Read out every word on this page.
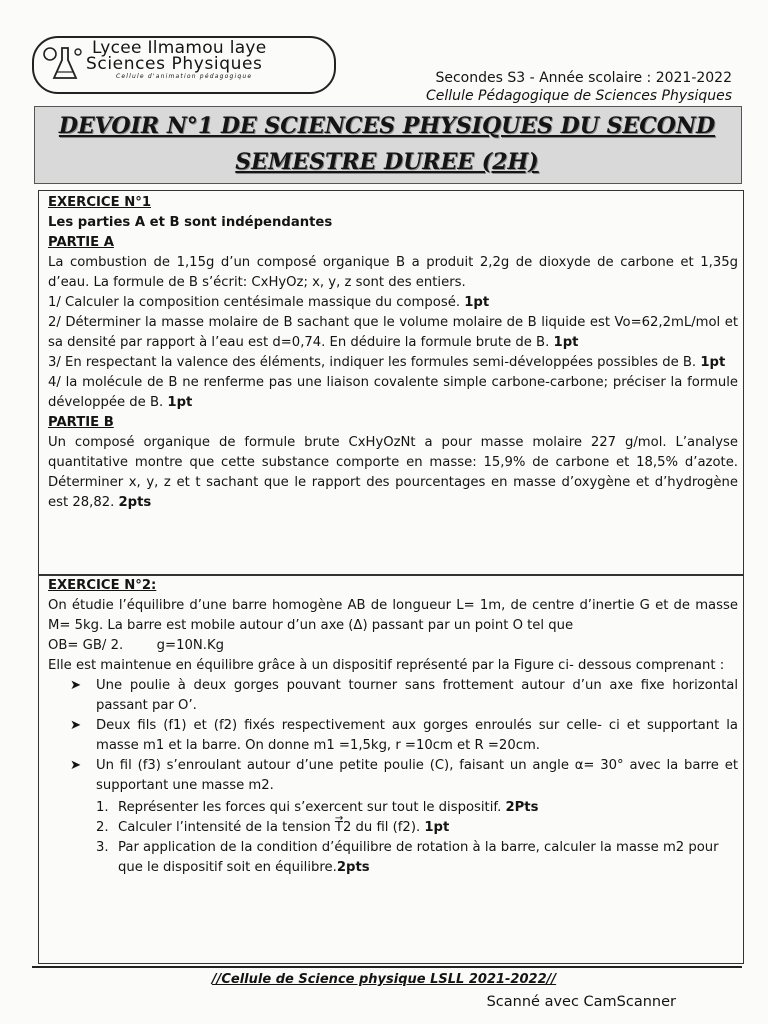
Lycee Ilmamou laye
Sciences Physiques
Cellule d'animation pédagogique	Secondes S3 - Année scolaire : 2021-2022
Cellule Pédagogique de Sciences Physiques
DEVOIR N°1 DE SCIENCES PHYSIQUES DU SECOND
SEMESTRE DUREE (2H)

EXERCICE N°1

Les parties A et B sont indépendantes

PARTIE A

La combustion de 1,15g d’un composé organique B a produit 2,2g de dioxyde de carbone et 1,35g d’eau. La formule de B s’écrit: CxHyOz; x, y, z sont des entiers.

1/ Calculer la composition centésimale massique du composé. 1pt

2/ Déterminer la masse molaire de B sachant que le volume molaire de B liquide est Vo=62,2mL/mol et sa densité par rapport à l’eau est d=0,74. En déduire la formule brute de B. 1pt

3/ En respectant la valence des éléments, indiquer les formules semi-développées possibles de B. 1pt

4/ la molécule de B ne renferme pas une liaison covalente simple carbone-carbone; préciser la formule développée de B. 1pt

PARTIE B

Un composé organique de formule brute CxHyOzNt a pour masse molaire 227 g/mol. L’analyse quantitative montre que cette substance comporte en masse: 15,9% de carbone et 18,5% d’azote. Déterminer x, y, z et t sachant que le rapport des pourcentages en masse d’oxygène et d’hydrogène est 28,82. 2pts

EXERCICE N°2:

On étudie l’équilibre d’une barre homogène AB de longueur L= 1m, de centre d’inertie G et de masse M= 5kg. La barre est mobile autour d’un axe (Δ) passant par un point O tel que

OB= GB/ 2.        g=10N.Kg

Elle est maintenue en équilibre grâce à un dispositif représenté par la Figure ci- dessous comprenant :

➤ Une poulie à deux gorges pouvant tourner sans frottement autour d’un axe fixe horizontal passant par O’.
➤ Deux fils (f1) et (f2) fixés respectivement aux gorges enroulés sur celle- ci et supportant la masse m1 et la barre. On donne m1 =1,5kg, r =10cm et R =20cm.
➤ Un fil (f3) s’enroulant autour d’une petite poulie (C), faisant un angle α= 30° avec la barre et supportant une masse m2.
1. Représenter les forces qui s’exercent sur tout le dispositif. 2Pts
2. Calculer l’intensité de la tension → T2 du fil (f2). 1pt
3. Par application de la condition d’équilibre de rotation à la barre, calculer la masse m2 pour que le dispositif soit en équilibre.2pts
//Cellule de Science physique LSLL 2021-2022//
Scanné avec CamScanner
